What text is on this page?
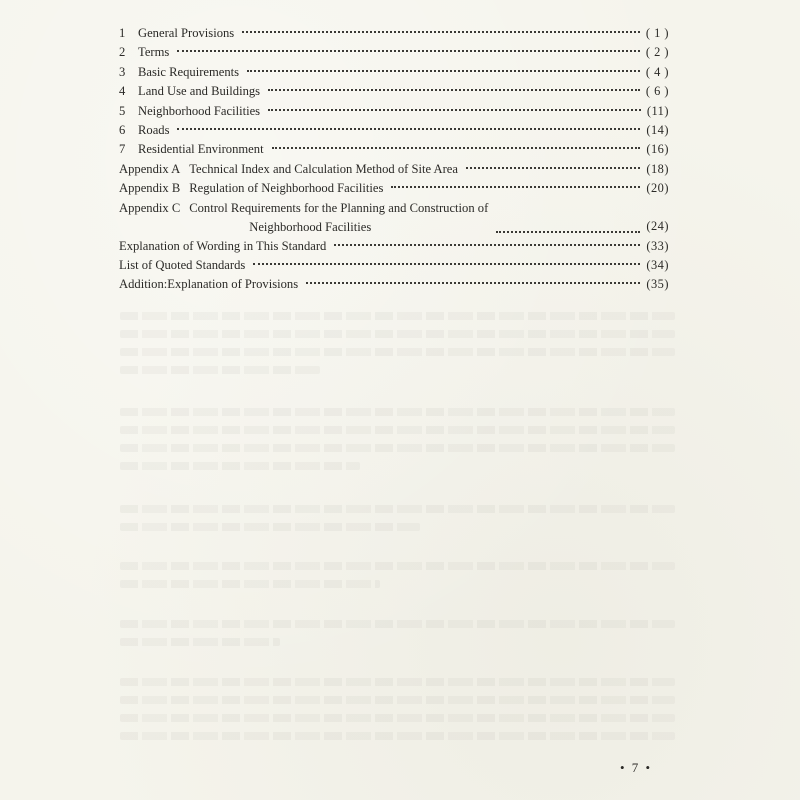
1	General Provisions	( 1 )
2	Terms	( 2 )
3	Basic Requirements	( 4 )
4	Land Use and Buildings	( 6 )
5	Neighborhood Facilities	(11)
6	Roads	(14)
7	Residential Environment	(16)
Appendix A Technical Index and Calculation Method of Site Area	(18)
Appendix B Regulation of Neighborhood Facilities	(20)
Appendix C Control Requirements for the Planning and Construction of
Neighborhood Facilities	(24)
Explanation of Wording in This Standard	(33)
List of Quoted Standards	(34)
Addition:Explanation of Provisions	(35)
• 7 •
